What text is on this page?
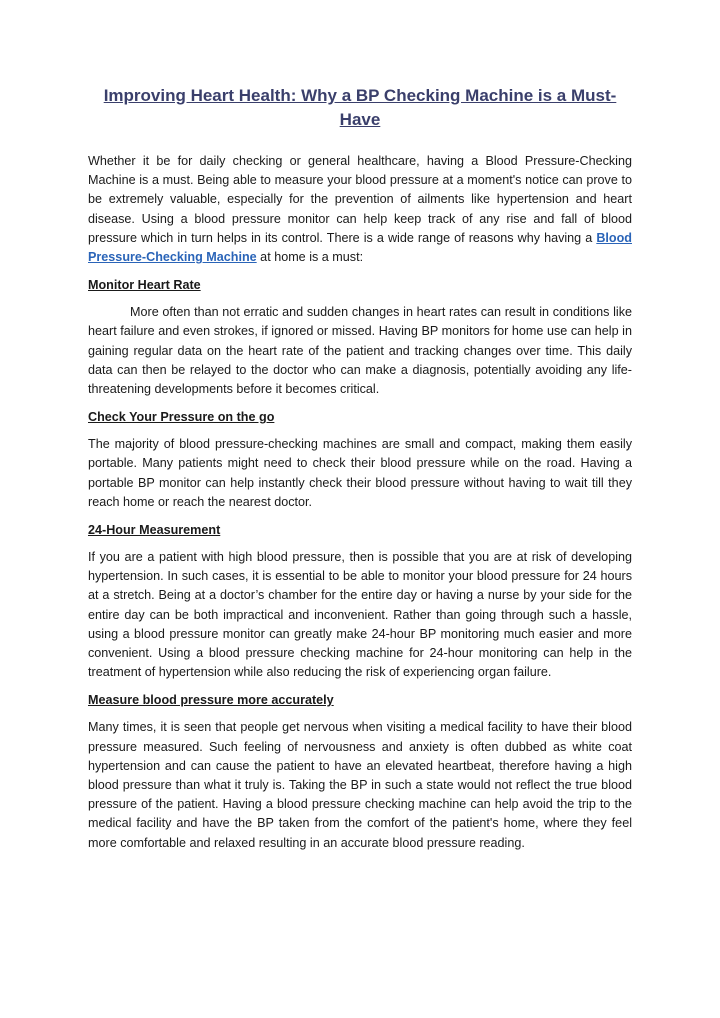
Improving Heart Health: Why a BP Checking Machine is a Must-Have

Whether it be for daily checking or general healthcare, having a Blood Pressure-Checking Machine is a must. Being able to measure your blood pressure at a moment's notice can prove to be extremely valuable, especially for the prevention of ailments like hypertension and heart disease. Using a blood pressure monitor can help keep track of any rise and fall of blood pressure which in turn helps in its control. There is a wide range of reasons why having a Blood Pressure-Checking Machine at home is a must:

Monitor Heart Rate

More often than not erratic and sudden changes in heart rates can result in conditions like heart failure and even strokes, if ignored or missed. Having BP monitors for home use can help in gaining regular data on the heart rate of the patient and tracking changes over time. This daily data can then be relayed to the doctor who can make a diagnosis, potentially avoiding any life-threatening developments before it becomes critical.

Check Your Pressure on the go

The majority of blood pressure-checking machines are small and compact, making them easily portable. Many patients might need to check their blood pressure while on the road. Having a portable BP monitor can help instantly check their blood pressure without having to wait till they reach home or reach the nearest doctor.

24-Hour Measurement

If you are a patient with high blood pressure, then is possible that you are at risk of developing hypertension. In such cases, it is essential to be able to monitor your blood pressure for 24 hours at a stretch. Being at a doctor’s chamber for the entire day or having a nurse by your side for the entire day can be both impractical and inconvenient. Rather than going through such a hassle, using a blood pressure monitor can greatly make 24-hour BP monitoring much easier and more convenient. Using a blood pressure checking machine for 24-hour monitoring can help in the treatment of hypertension while also reducing the risk of experiencing organ failure.

Measure blood pressure more accurately

Many times, it is seen that people get nervous when visiting a medical facility to have their blood pressure measured. Such feeling of nervousness and anxiety is often dubbed as white coat hypertension and can cause the patient to have an elevated heartbeat, therefore having a high blood pressure than what it truly is. Taking the BP in such a state would not reflect the true blood pressure of the patient. Having a blood pressure checking machine can help avoid the trip to the medical facility and have the BP taken from the comfort of the patient's home, where they feel more comfortable and relaxed resulting in an accurate blood pressure reading.
